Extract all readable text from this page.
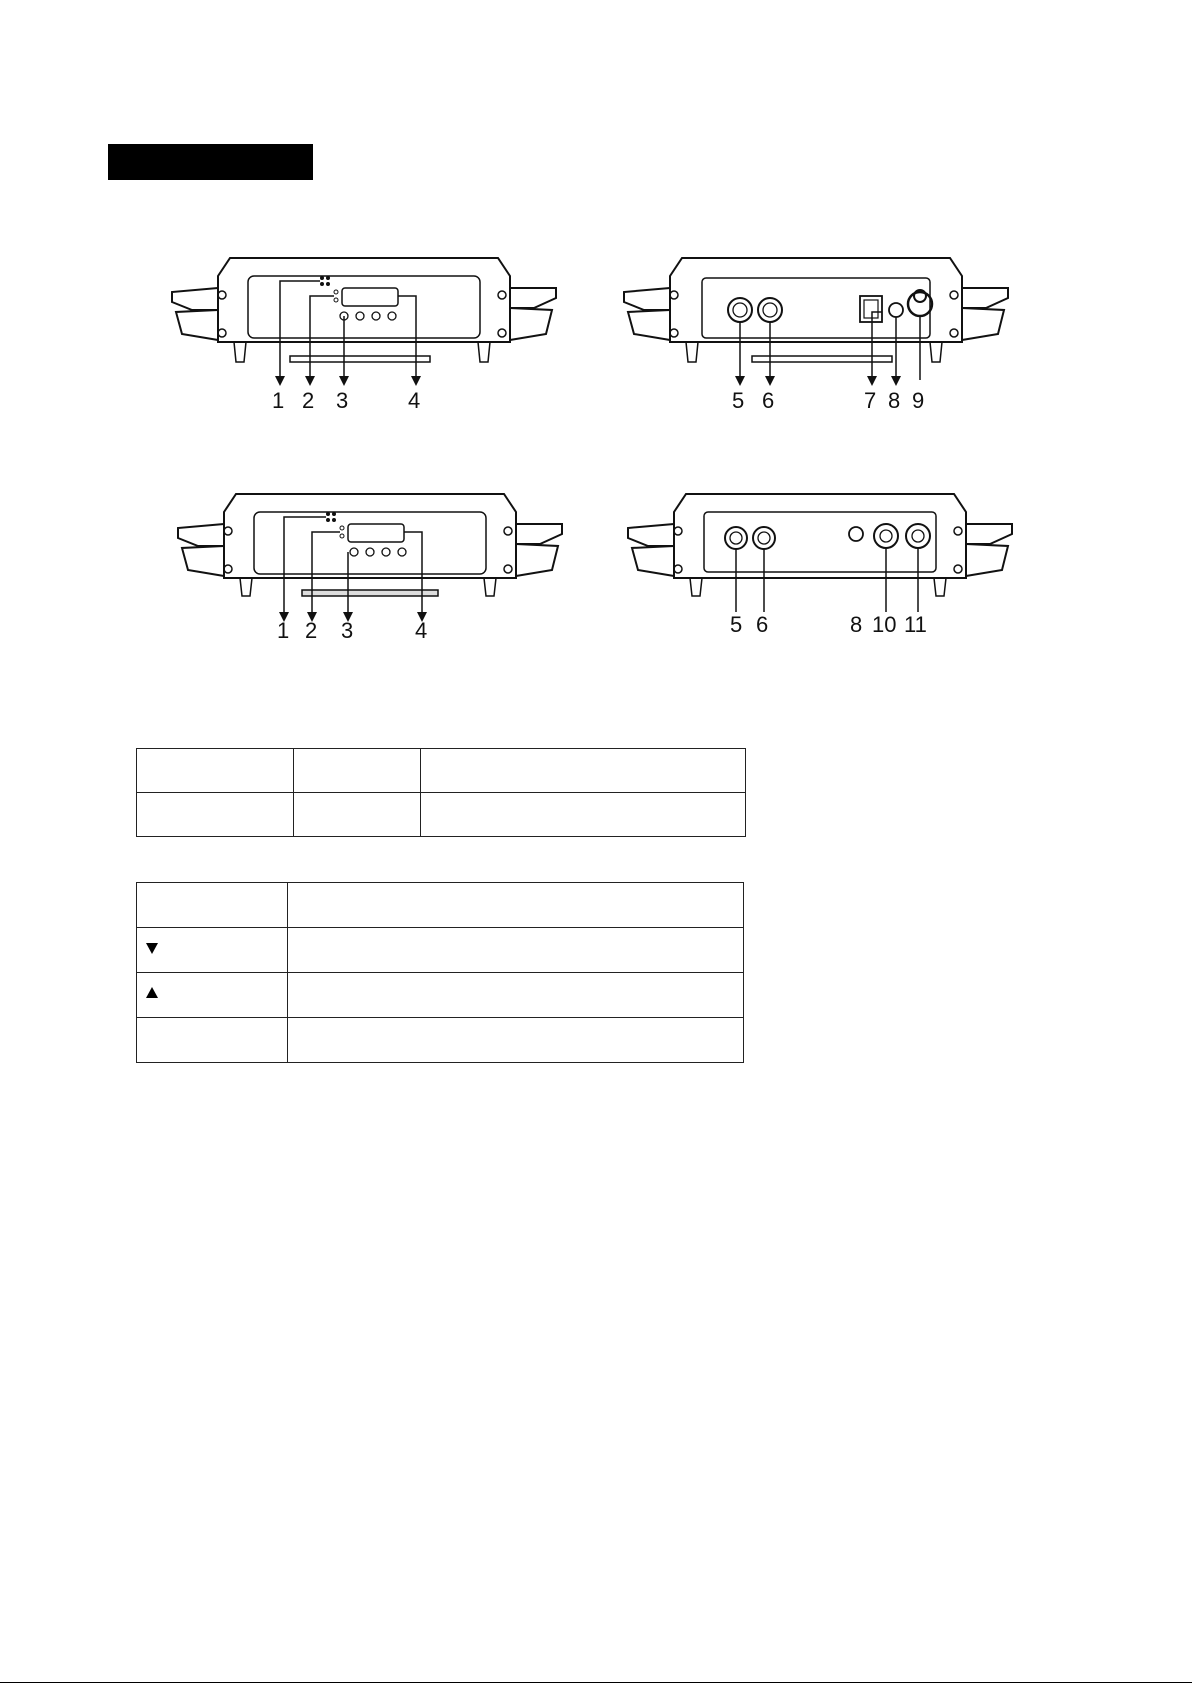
1 2 3	4	5 6	7 8 9
1 2 3	4	5 6	8 10 11
